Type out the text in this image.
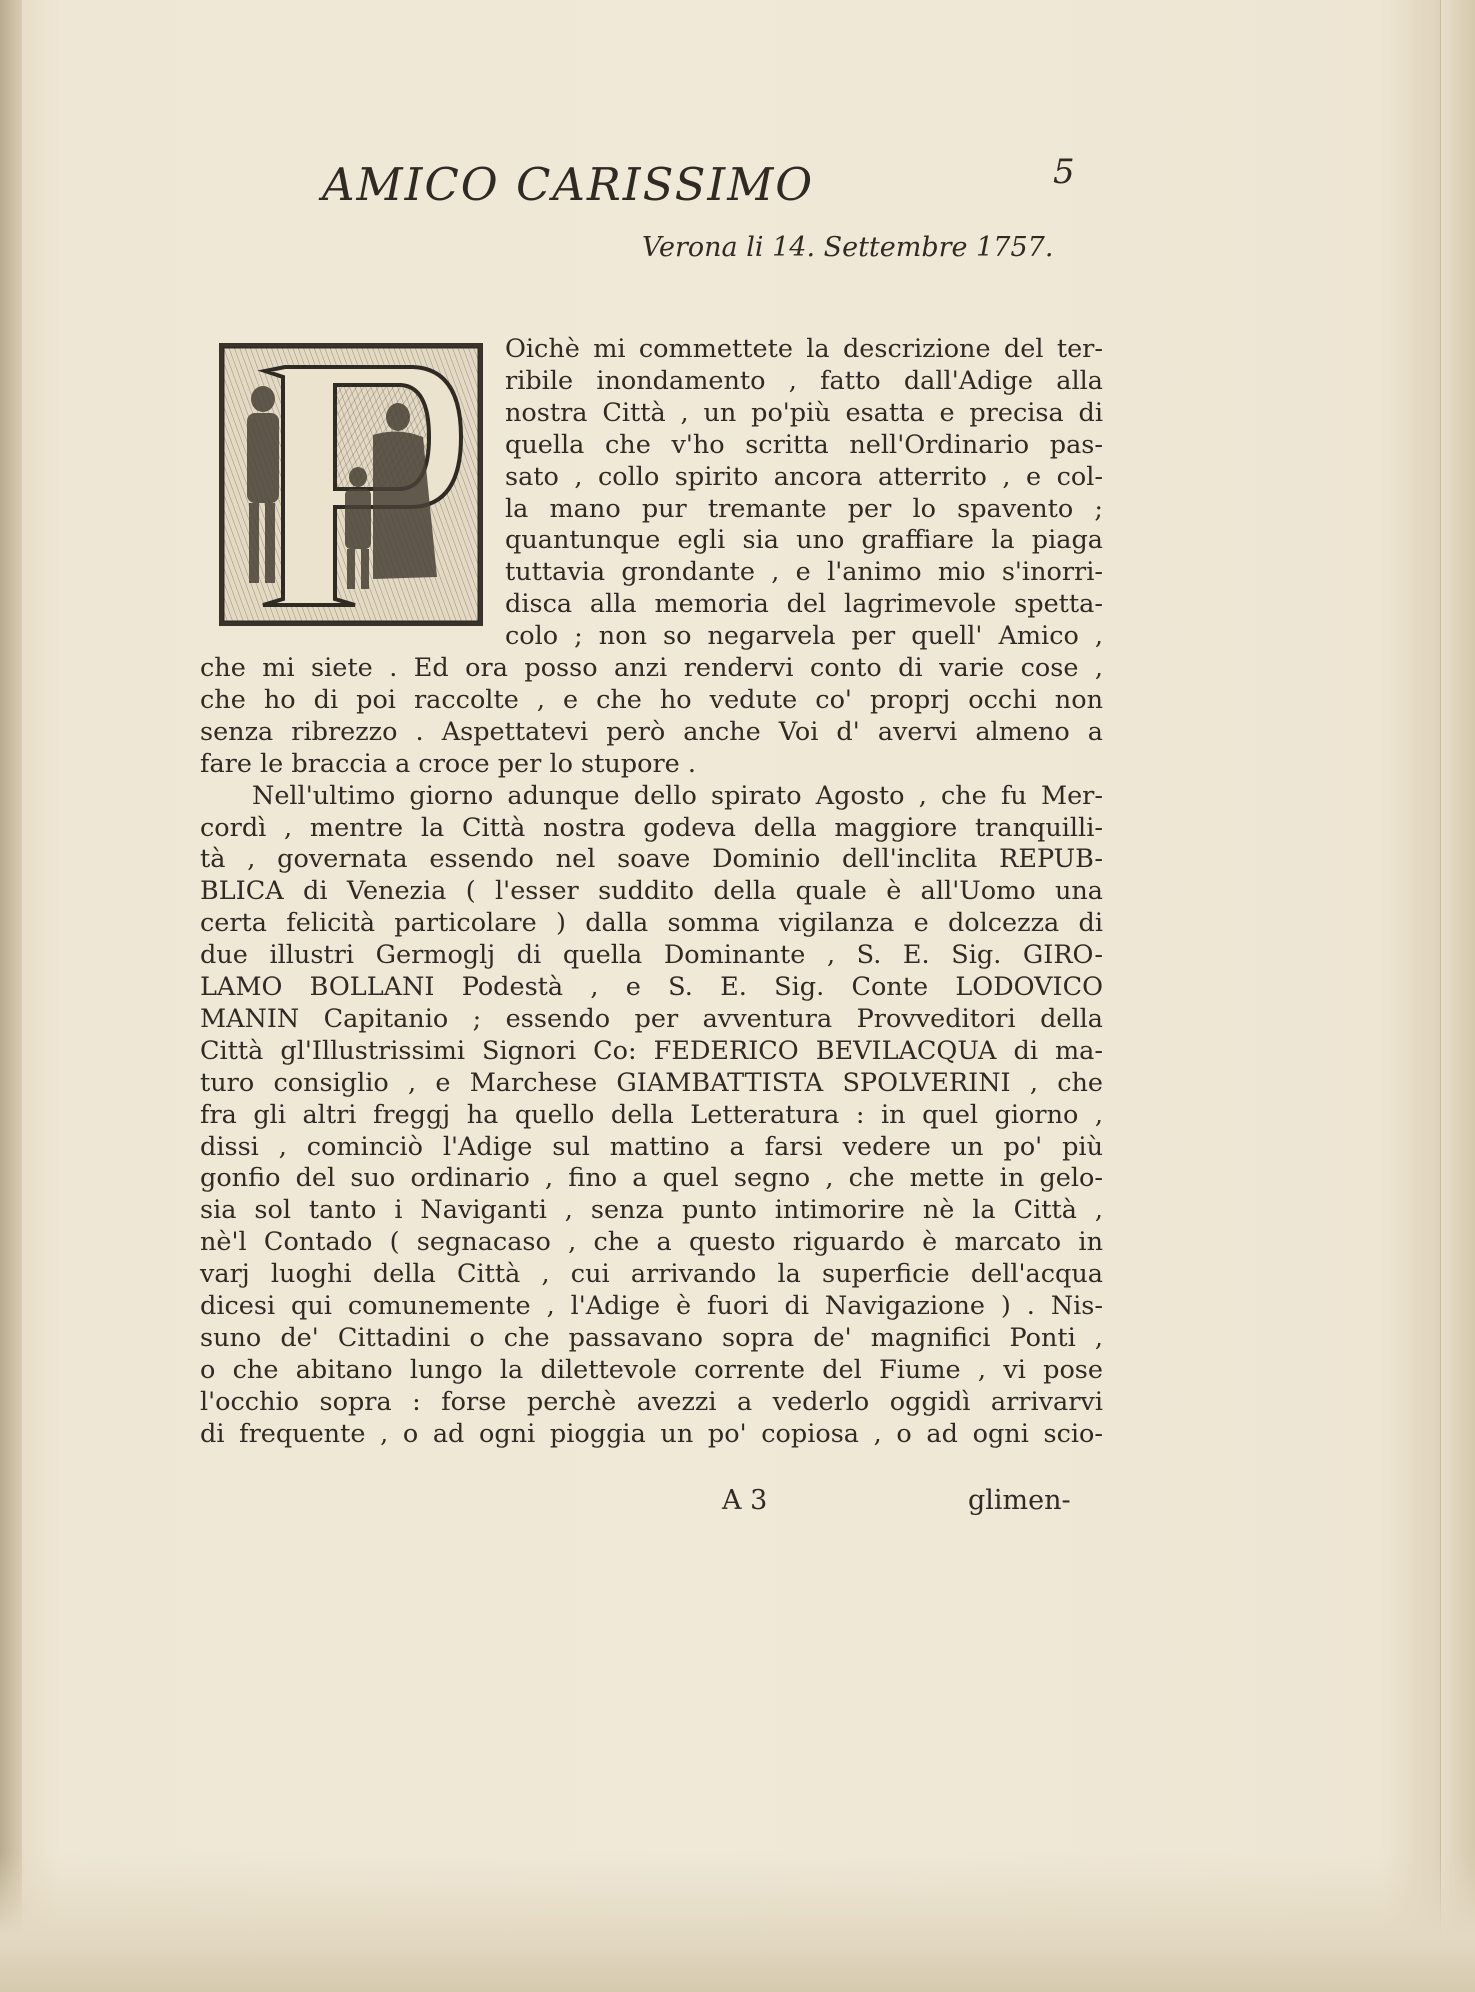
AMICO CARISSIMO	5
Verona li 14. Settembre 1757.
Oichè mi commettete la descrizione del ter-
ribile inondamento , fatto dall'Adige alla
nostra Città , un po'più esatta e precisa di
quella che v'ho scritta nell'Ordinario pas-
sato , collo spirito ancora atterrito , e col-
la mano pur tremante per lo spavento ;
quantunque egli sia uno graffiare la piaga
tuttavia grondante , e l'animo mio s'inorri-
disca alla memoria del lagrimevole spetta-
colo ; non so negarvela per quell' Amico ,
che mi siete . Ed ora posso anzi rendervi conto di varie cose ,
che ho di poi raccolte , e che ho vedute co' proprj occhi non
senza ribrezzo . Aspettatevi però anche Voi d' avervi almeno a
fare le braccia a croce per lo stupore .
Nell'ultimo giorno adunque dello spirato Agosto , che fu Mer-
cordì , mentre la Città nostra godeva della maggiore tranquilli-
tà , governata essendo nel soave Dominio dell'inclita REPUB-
BLICA di Venezia ( l'esser suddito della quale è all'Uomo una
certa felicità particolare ) dalla somma vigilanza e dolcezza di
due illustri Germoglj di quella Dominante , S. E. Sig. GIRO-
LAMO BOLLANI Podestà , e S. E. Sig. Conte LODOVICO
MANIN Capitanio ; essendo per avventura Provveditori della
Città gl'Illustrissimi Signori Co: FEDERICO BEVILACQUA di ma-
turo consiglio , e Marchese GIAMBATTISTA SPOLVERINI , che
fra gli altri freggj ha quello della Letteratura : in quel giorno ,
dissi , cominciò l'Adige sul mattino a farsi vedere un po' più
gonfio del suo ordinario , fino a quel segno , che mette in gelo-
sia sol tanto i Naviganti , senza punto intimorire nè la Città ,
nè'l Contado ( segnacaso , che a questo riguardo è marcato in
varj luoghi della Città , cui arrivando la superficie dell'acqua
dicesi qui comunemente , l'Adige è fuori di Navigazione ) . Nis-
suno de' Cittadini o che passavano sopra de' magnifici Ponti ,
o che abitano lungo la dilettevole corrente del Fiume , vi pose
l'occhio sopra : forse perchè avezzi a vederlo oggidì arrivarvi
di frequente , o ad ogni pioggia un po' copiosa , o ad ogni scio-
A 3	glimen-
